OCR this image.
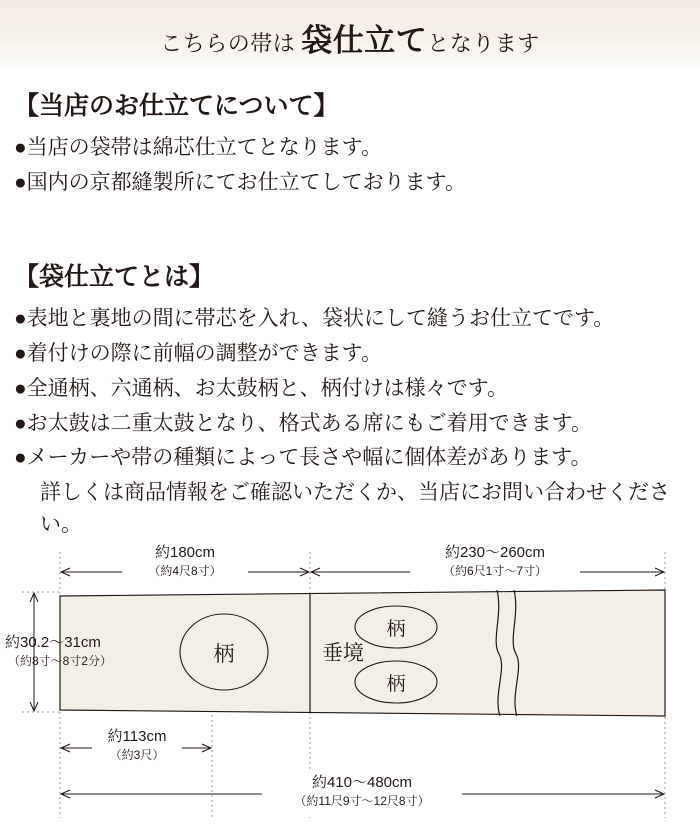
こちらの帯は 袋仕立てとなります

【当店のお仕立てについて】

●当店の袋帯は綿芯仕立てとなります。

●国内の京都縫製所にてお仕立てしております。

【袋仕立てとは】

●表地と裏地の間に帯芯を入れ、袋状にして縫うお仕立てです。

●着付けの際に前幅の調整ができます。

●全通柄、六通柄、お太鼓柄と、柄付けは様々です。

●お太鼓は二重太鼓となり、格式ある席にもご着用できます。

●メーカーや帯の種類によって長さや幅に個体差があります。

詳しくは商品情報をご確認いただくか、当店にお問い合わせください。

柄	垂境
柄
柄
約180cm
（約4尺8寸）
約230〜260cm
（約6尺1寸〜7寸）
約30.2〜31cm
（約8寸〜8寸2分）
約113cm
（約3尺）
約410〜480cm
（約11尺9寸〜12尺8寸）
